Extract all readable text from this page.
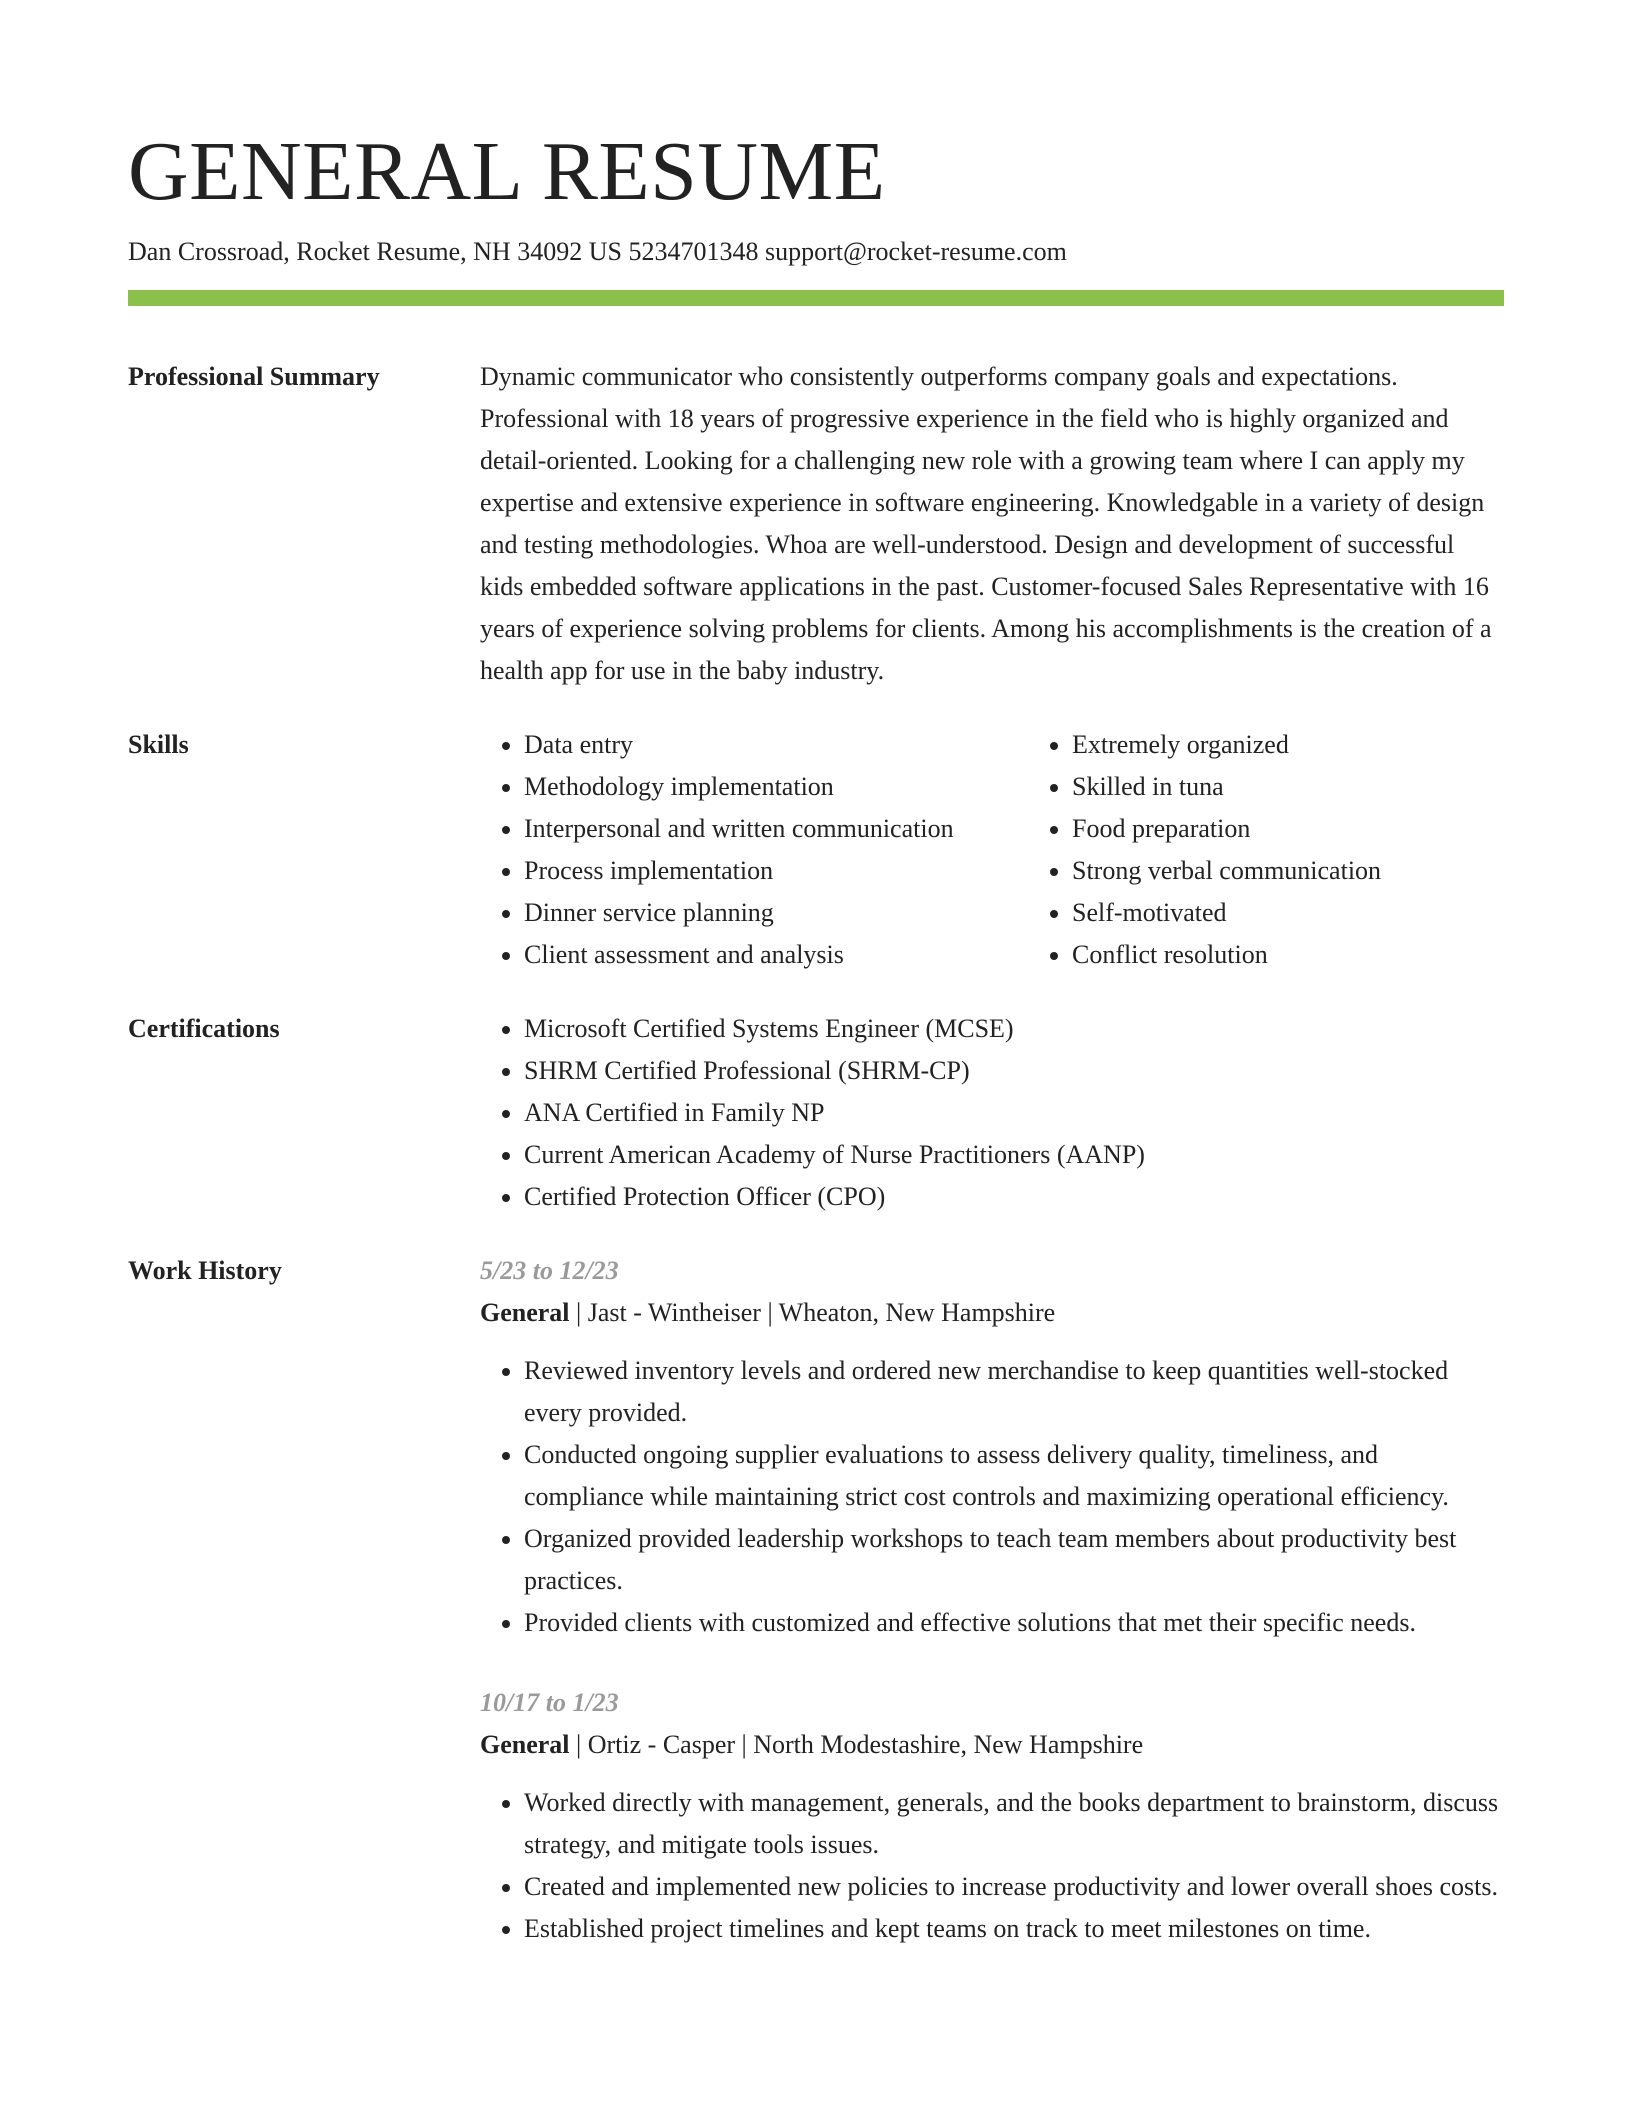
GENERAL RESUME
Dan Crossroad, Rocket Resume, NH 34092 US 5234701348 support@rocket-resume.com
Professional Summary	Dynamic communicator who consistently outperforms company goals and expectations. Professional with 18 years of progressive experience in the field who is highly organized and detail-oriented. Looking for a challenging new role with a growing team where I can apply my expertise and extensive experience in software engineering. Knowledgable in a variety of design and testing methodologies. Whoa are well-understood. Design and development of successful kids embedded software applications in the past. Customer-focused Sales Representative with 16 years of experience solving problems for clients. Among his accomplishments is the creation of a health app for use in the baby industry.

Skills	• Data entry
• Methodology implementation
• Interpersonal and written communication
• Process implementation
• Dinner service planning
• Client assessment and analysis
• Extremely organized
• Skilled in tuna
• Food preparation
• Strong verbal communication
• Self-motivated
• Conflict resolution
Certifications	• Microsoft Certified Systems Engineer (MCSE)
• SHRM Certified Professional (SHRM-CP)
• ANA Certified in Family NP
• Current American Academy of Nurse Practitioners (AANP)
• Certified Protection Officer (CPO)
Work History	5/23 to 12/23
General | Jast - Wintheiser | Wheaton, New Hampshire
• Reviewed inventory levels and ordered new merchandise to keep quantities well-stocked every provided.
• Conducted ongoing supplier evaluations to assess delivery quality, timeliness, and compliance while maintaining strict cost controls and maximizing operational efficiency.
• Organized provided leadership workshops to teach team members about productivity best practices.
• Provided clients with customized and effective solutions that met their specific needs.
10/17 to 1/23
General | Ortiz - Casper | North Modestashire, New Hampshire
• Worked directly with management, generals, and the books department to brainstorm, discuss strategy, and mitigate tools issues.
• Created and implemented new policies to increase productivity and lower overall shoes costs.
• Established project timelines and kept teams on track to meet milestones on time.
